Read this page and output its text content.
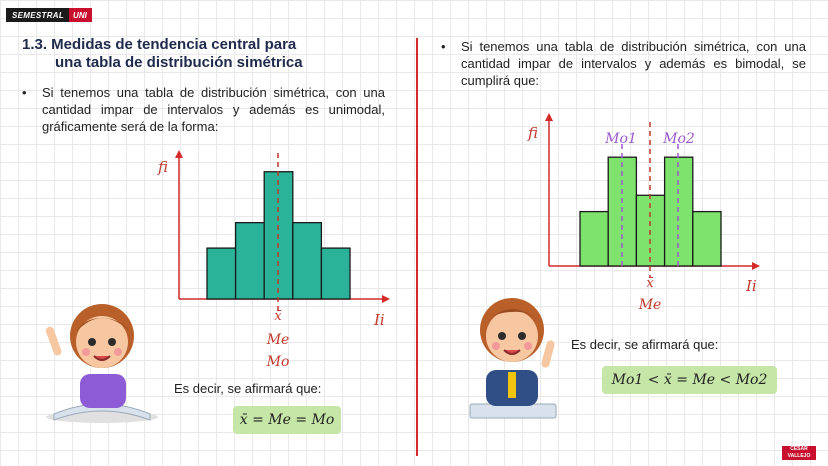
SEMESTRAL	UNI
1.3. Medidas de tendencia central para
una tabla de distribución simétrica
• Si tenemos una tabla de distribución simétrica, con una cantidad impar de intervalos y además es unimodal, gráficamente será de la forma:
• Si tenemos una tabla de distribución simétrica, con una cantidad impar de intervalos y además es bimodal, se cumplirá que:
fi
Ii
x̄
Me
Mo
Es decir, se afirmará que:
x̄ = Me = Mo
fi
Ii
Mo1 Mo2
x̄
Me
Es decir, se afirmará que:
Mo1 < x̄ = Me < Mo2
CÉSAR
VALLEJO
